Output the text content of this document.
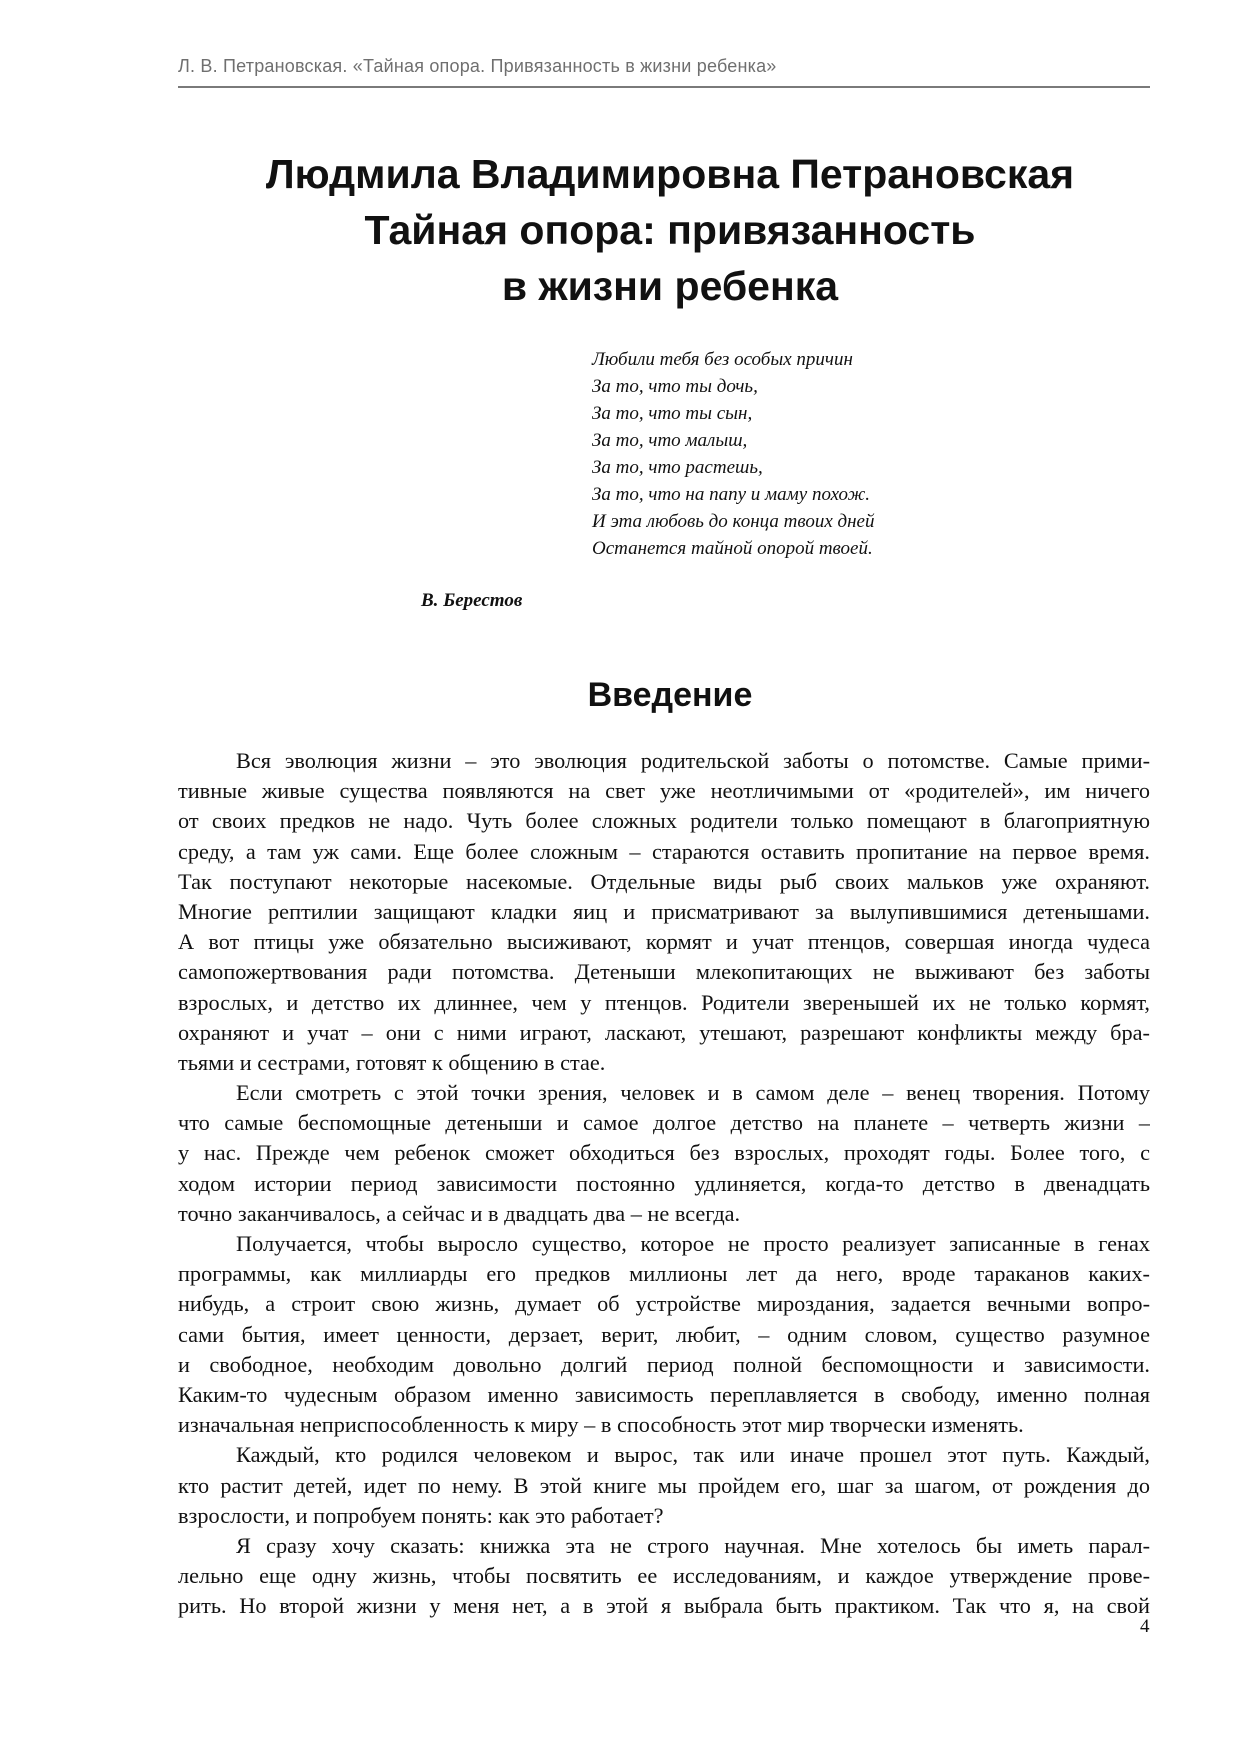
Л. В. Петрановская. «Тайная опора. Привязанность в жизни ребенка»
Людмила Владимировна Петрановская
Тайная опора: привязанность
в жизни ребенка
Любили тебя без особых причин
За то, что ты дочь,
За то, что ты сын,
За то, что малыш,
За то, что растешь,
За то, что на папу и маму похож.
И эта любовь до конца твоих дней
Останется тайной опорой твоей.
В. Берестов
Введение
Вся эволюция жизни – это эволюция родительской заботы о потомстве. Самые прими-
тивные живые существа появляются на свет уже неотличимыми от «родителей», им ничего
от своих предков не надо. Чуть более сложных родители только помещают в благоприятную
среду, а там уж сами. Еще более сложным – стараются оставить пропитание на первое время.
Так поступают некоторые насекомые. Отдельные виды рыб своих мальков уже охраняют.
Многие рептилии защищают кладки яиц и присматривают за вылупившимися детенышами.
А вот птицы уже обязательно высиживают, кормят и учат птенцов, совершая иногда чудеса
самопожертвования ради потомства. Детеныши млекопитающих не выживают без заботы
взрослых, и детство их длиннее, чем у птенцов. Родители зверенышей их не только кормят,
охраняют и учат – они с ними играют, ласкают, утешают, разрешают конфликты между бра-
тьями и сестрами, готовят к общению в стае.
Если смотреть с этой точки зрения, человек и в самом деле – венец творения. Потому
что самые беспомощные детеныши и самое долгое детство на планете – четверть жизни –
у нас. Прежде чем ребенок сможет обходиться без взрослых, проходят годы. Более того, с
ходом истории период зависимости постоянно удлиняется, когда-то детство в двенадцать
точно заканчивалось, а сейчас и в двадцать два – не всегда.
Получается, чтобы выросло существо, которое не просто реализует записанные в генах
программы, как миллиарды его предков миллионы лет да него, вроде тараканов каких-
нибудь, а строит свою жизнь, думает об устройстве мироздания, задается вечными вопро-
сами бытия, имеет ценности, дерзает, верит, любит, – одним словом, существо разумное
и свободное, необходим довольно долгий период полной беспомощности и зависимости.
Каким-то чудесным образом именно зависимость переплавляется в свободу, именно полная
изначальная неприспособленность к миру – в способность этот мир творчески изменять.
Каждый, кто родился человеком и вырос, так или иначе прошел этот путь. Каждый,
кто растит детей, идет по нему. В этой книге мы пройдем его, шаг за шагом, от рождения до
взрослости, и попробуем понять: как это работает?
Я сразу хочу сказать: книжка эта не строго научная. Мне хотелось бы иметь парал-
лельно еще одну жизнь, чтобы посвятить ее исследованиям, и каждое утверждение прове-
рить. Но второй жизни у меня нет, а в этой я выбрала быть практиком. Так что я, на свой
4
